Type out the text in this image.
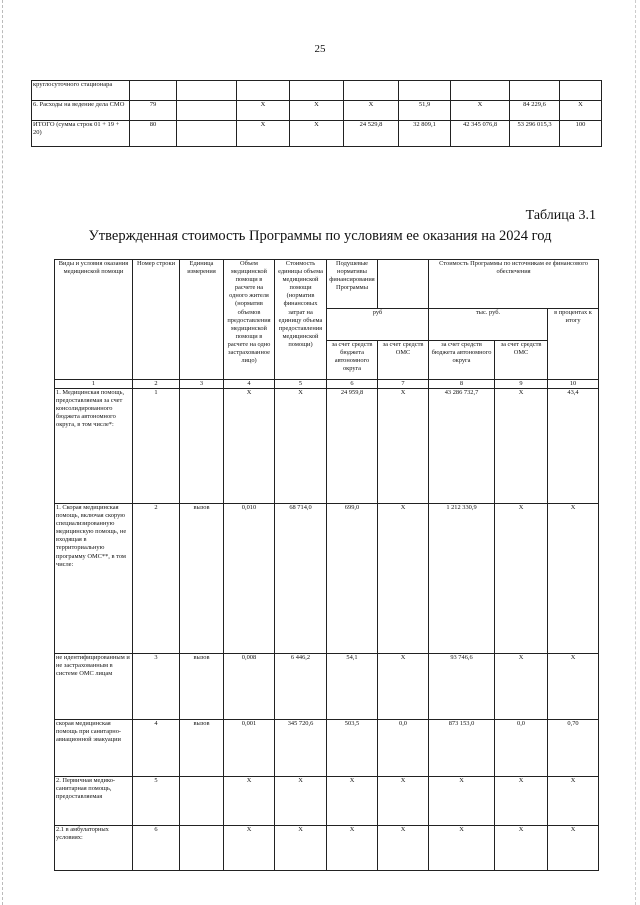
25
круглосуточного стационара									
6. Расходы на ведение дела СМО	79		Х	Х	Х	51,9	Х	84 229,6	Х
ИТОГО (сумма строк 01 + 19 + 20)	80		Х	Х	24 529,8	32 809,1	42 345 076,8	53 296 015,3	100
Таблица 3.1
Утвержденная стоимость Программы по условиям ее оказания на 2024 год
Виды и условия оказания медицинской помощи	Номер строки	Единица измерения	Объем медицинской помощи в расчете на одного жителя (норматив объемов предоставления медицинской помощи в расчете на одно застрахованное лицо)	Стоимость единицы объема медицинской помощи (норматив финансовых затрат на единицу объема предоставления медицинской помощи)	Подушевые нормативы финансирования Программы		Стоимость Программы по источникам ее финансового обеспечения		
					руб		тыс. руб.		в процентах к итогу
					за счет средств бюджета автономного округа	за счет средств ОМС	за счет средств бюджета автономного округа	за счет средств ОМС	
1	2	3	4	5	6	7	8	9	10
1. Медицинская помощь, предоставляемая за счет консолидированного бюджета автономного округа, в том числе*:	1		Х	Х	24 959,8	Х	43 286 732,7	Х	43,4
1. Скорая медицинская помощь, включая скорую специализированную медицинскую помощь, не входящая в территориальную программу ОМС**, в том числе:	2	вызов	0,010	68 714,0	699,0	Х	1 212 330,9	Х	Х
не идентифицированным и не застрахованным в системе ОМС лицам	3	вызов	0,008	6 446,2	54,1	Х	93 746,6	Х	Х
скорая медицинская помощь при санитарно-авиационной эвакуации	4	вызов	0,001	345 720,6	503,5	0,0	873 153,0	0,0	0,70
2. Первичная медико-санитарная помощь, предоставляемая	5		Х	Х	Х	Х	Х	Х	Х
2.1 в амбулаторных условиях:	6		Х	Х	Х	Х	Х	Х	Х
